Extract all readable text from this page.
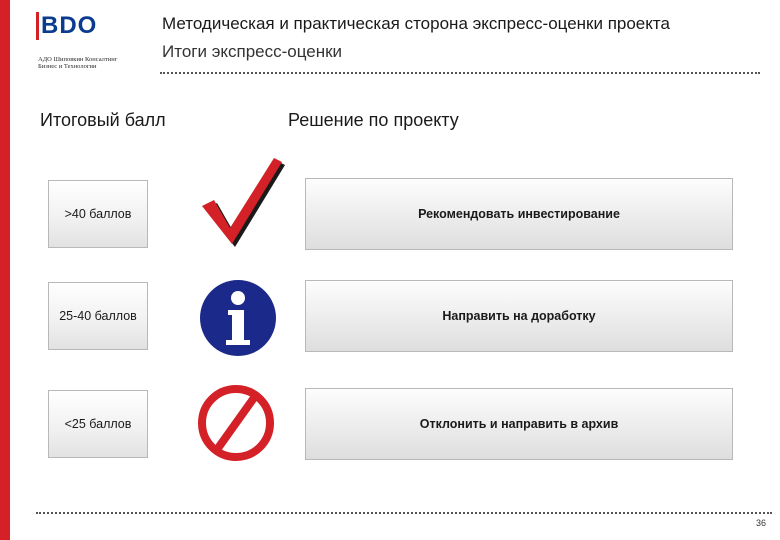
BDO
АДО Шиповкин Консалтинг Бизнес и Технологии
Методическая и практическая сторона экспресс-оценки проекта
Итоги экспресс-оценки
Итоговый балл	Решение по проекту
>40 баллов	Рекомендовать инвестирование
25-40 баллов	Направить на доработку
<25 баллов	Отклонить и направить в архив
36
